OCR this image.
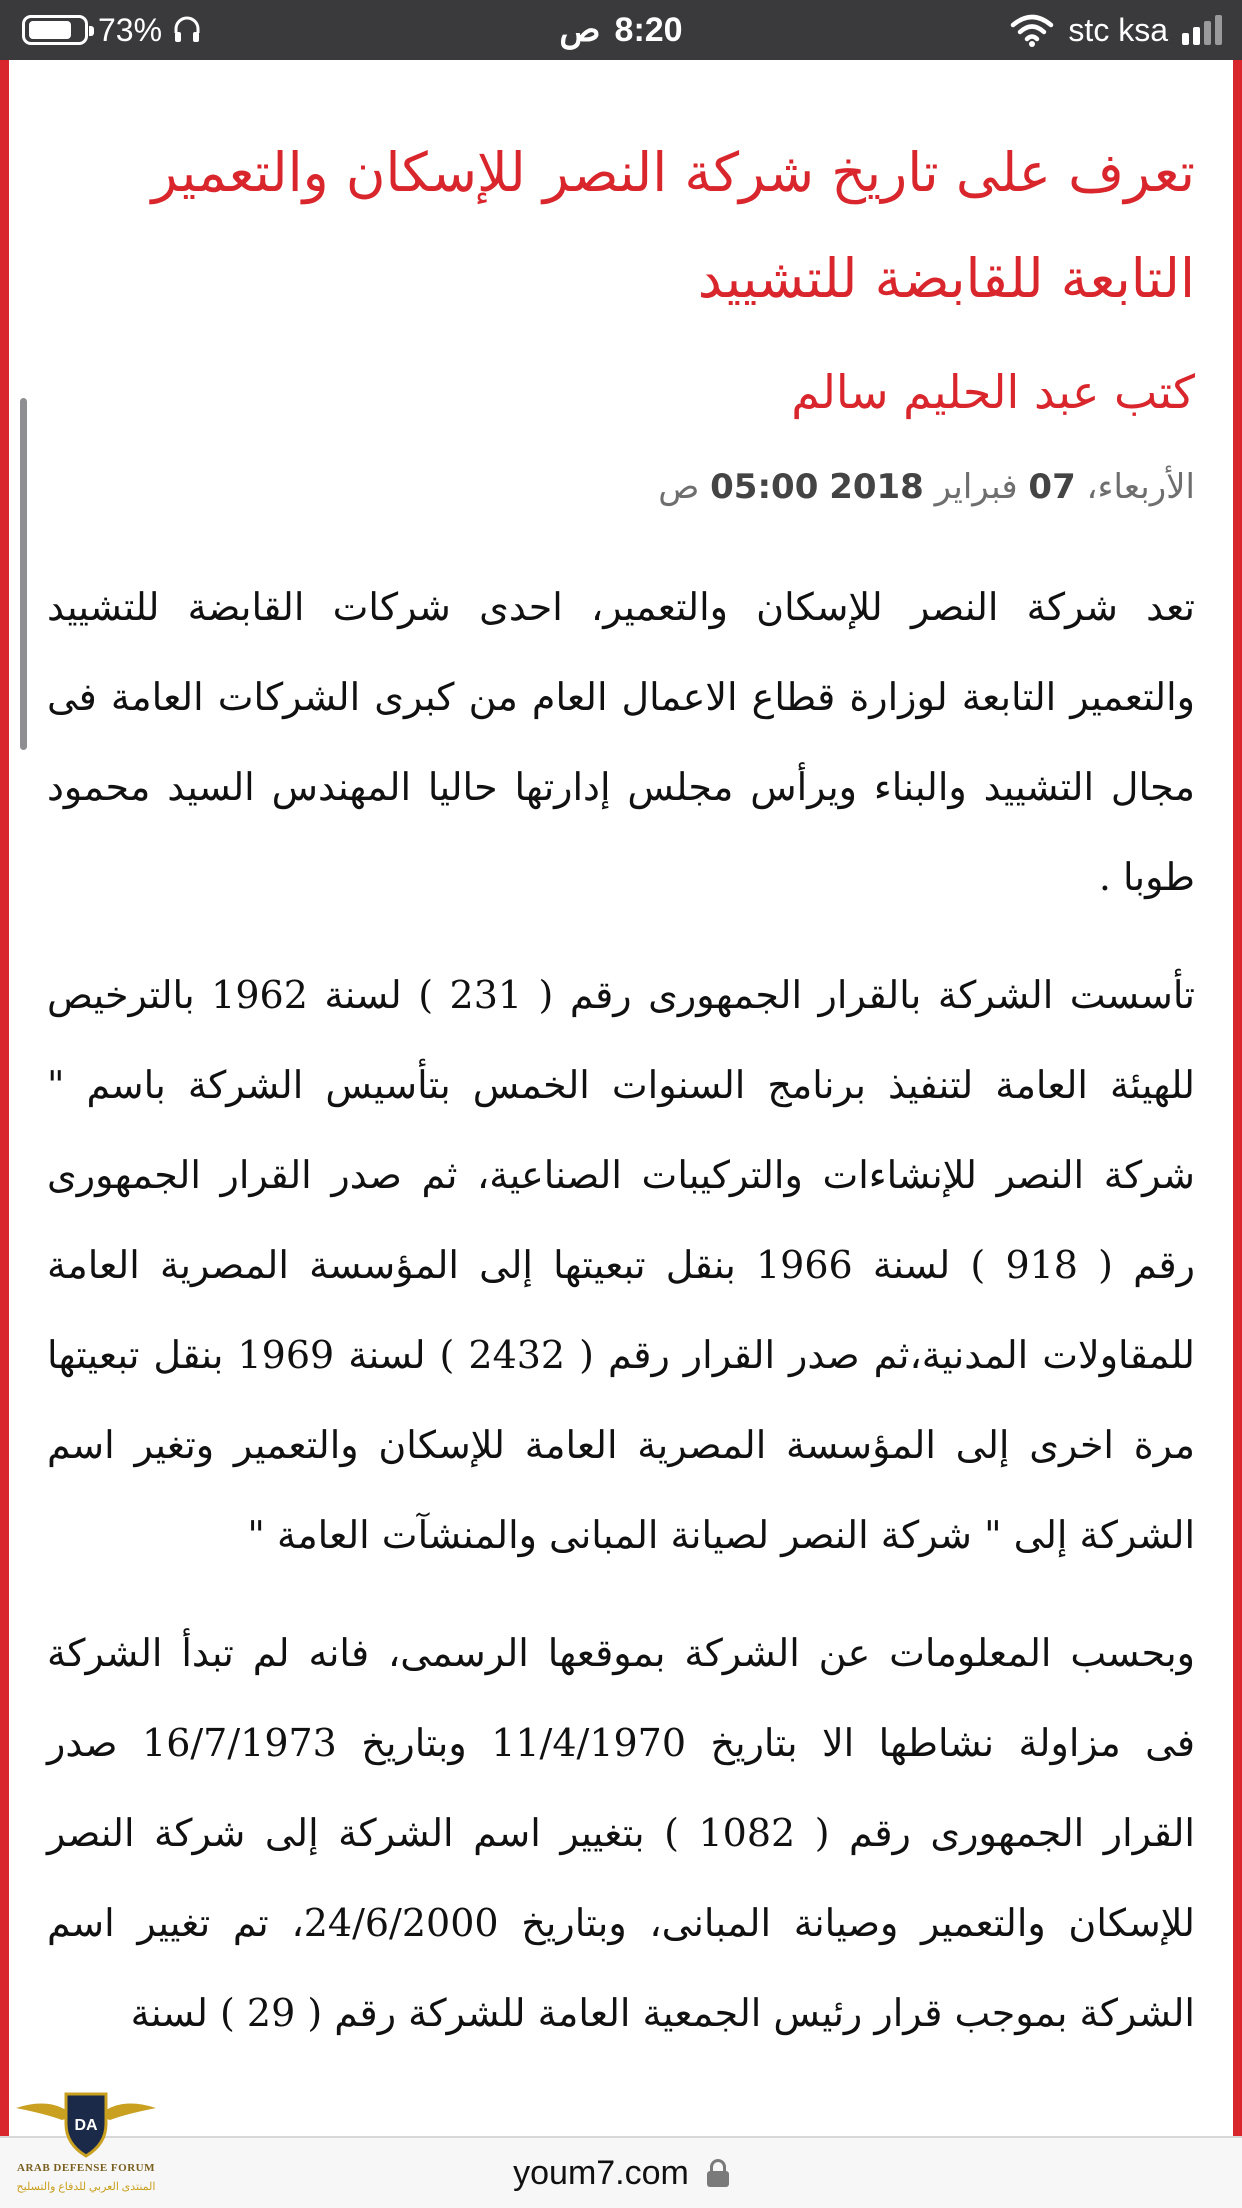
73%	8:20
ص	stc ksa
تعرف على تاريخ شركة النصر للإسكان والتعمير التابعة للقابضة للتشييد
كتب عبد الحليم سالم
الأربعاء، 07 فبراير 2018 05:00 ص

تعد شركة النصر للإسكان والتعمير، احدى شركات القابضة للتشييد والتعمير التابعة لوزارة قطاع الاعمال العام من كبرى الشركات العامة فى مجال التشييد والبناء ويرأس مجلس إدارتها حاليا المهندس السيد محمود طوبا .

تأسست الشركة بالقرار الجمهورى رقم ( 231 ) لسنة 1962 بالترخيص للهيئة العامة لتنفيذ برنامج السنوات الخمس بتأسيس الشركة باسم " شركة النصر للإنشاءات والتركيبات الصناعية، ثم صدر القرار الجمهورى رقم ( 918 ) لسنة 1966 بنقل تبعيتها إلى المؤسسة المصرية العامة للمقاولات المدنية،ثم صدر القرار رقم ( 2432 ) لسنة 1969 بنقل تبعيتها مرة اخرى إلى المؤسسة المصرية العامة للإسكان والتعمير وتغير اسم الشركة إلى " شركة النصر لصيانة المبانى والمنشآت العامة "

وبحسب المعلومات عن الشركة بموقعها الرسمى، فانه لم تبدأ الشركة فى مزاولة نشاطها الا بتاريخ 11/4/1970 وبتاريخ 16/7/1973 صدر القرار الجمهورى رقم ( 1082 ) بتغيير اسم الشركة إلى شركة النصر للإسكان والتعمير وصيانة المبانى، وبتاريخ 24/6/2000، تم تغيير اسم الشركة بموجب قرار رئيس الجمعية العامة للشركة رقم ( 29 ) لسنة

youm7.com
DA
ARAB DEFENSE FORUM
المنتدى العربي للدفاع والتسليح
